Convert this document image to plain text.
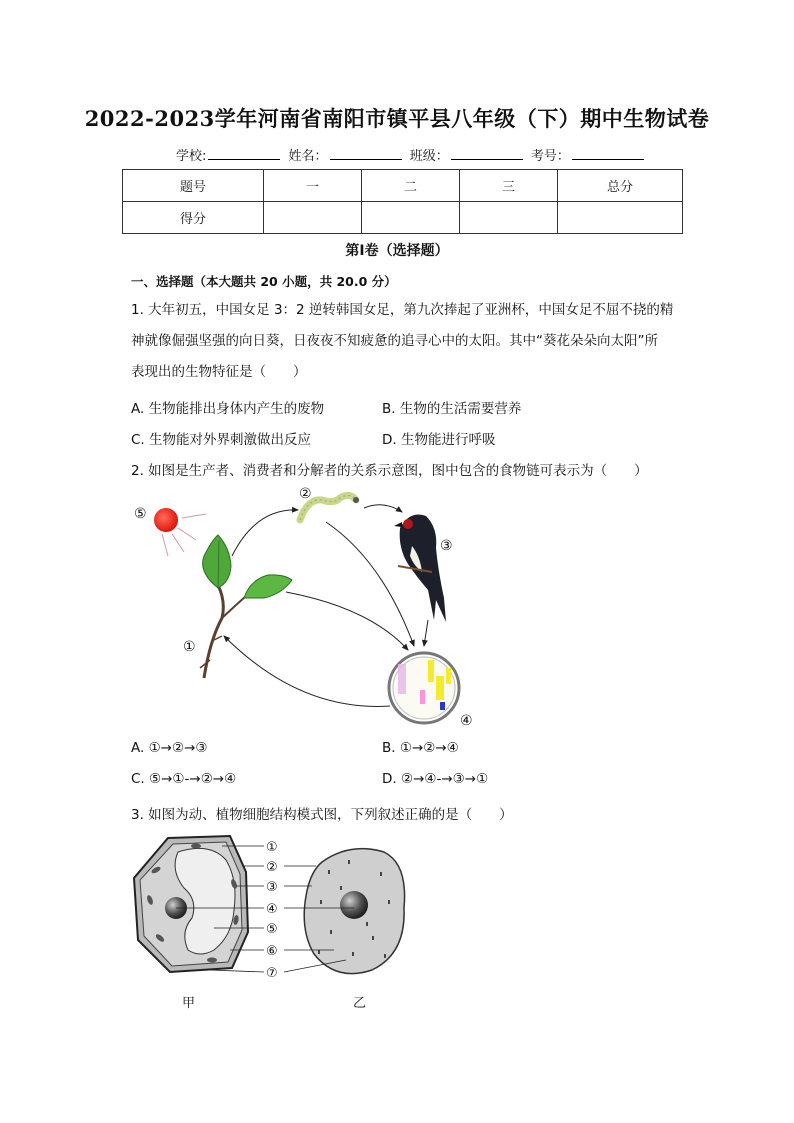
2022-2023学年河南省南阳市镇平县八年级（下）期中生物试卷
学校:	姓名：	班级：	考号：
题号	一	二	三	总分
得分				
第I卷（选择题）
一、选择题（本大题共 20 小题，共 20.0 分）
1. 大年初五，中国女足 3：2 逆转韩国女足，第九次捧起了亚洲杯，中国女足不屈不挠的精
神就像倔强坚强的向日葵，日夜夜不知疲惫的追寻心中的太阳。其中“葵花朵朵向太阳”所
表现出的生物特征是（　　）
A. 生物能排出身体内产生的废物	B. 生物的生活需要营养
C. 生物能对外界刺激做出反应	D. 生物能进行呼吸
2. 如图是生产者、消费者和分解者的关系示意图，图中包含的食物链可表示为（　　）
⑤
②
③
①
④
①
②
③
④
⑤
⑥
⑦
甲	乙
A. ①→②→③	B. ①→②→④
C. ⑤→①-→②→④	D. ②→④-→③→①
3. 如图为动、植物细胞结构模式图，下列叙述正确的是（　　）
